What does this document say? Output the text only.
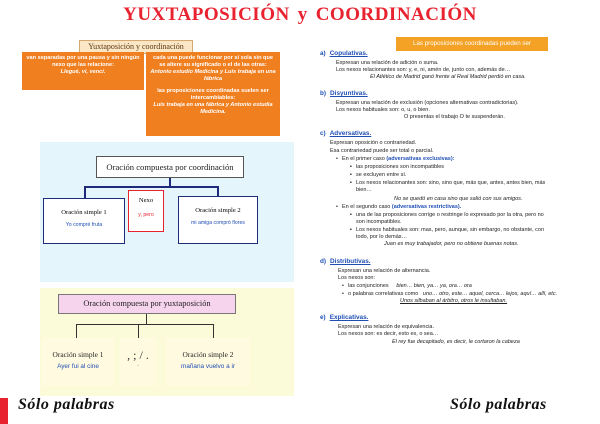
YUXTAPOSICIÓN y COORDINACIÓN
Yuxtaposición y coordinación
van separadas por una pausa y sin ningún nexo que las relacione:
Llegué, vi, vencí.
cada una puede funcionar por sí sola sin que se altere su significado o el de las otras:
Antonio estudio Medicina y Luis trabaja en una fábrica
las proposiciones coordinadas suelen ser intercambiables:
Luis trabaja en una fábrica y Antonio estudia Medicina.
Las proposiciones coordinadas pueden ser
a) Copulativas.
Expresan una relación de adición o suma.
Los nexos relacionantes son: y, e, ni, amén de, junto con, además de…
El Atlético de Madrid ganó frente al Real Madrid perdió en casa.
b) Disyuntivas.
Expresan una relación de exclusión (opciones alternativas contradictorias).
Los nexos habituales son: o, u, o bien.
O presentas el trabajo O te suspenderán.
c) Adversativas.
Expresan oposición o contrariedad.
Esa contrariedad puede ser total o parcial.
• En el primer caso (adversativas exclusivas):
▪ las proposiciones son incompatibles
▪ se excluyen entre sí.
▪ Los nexos relacionantes son: sino, sino que, más que, antes, antes bien, más
bien…
No se quedó en casa sino que salió con sus amigos.
• En el segundo caso (adversativas restrictivas).
▪ una de las proposiciones corrige o restringe lo expresado por la otra, pero no
son incompatibles.
▪ Los nexos habituales son: mas, pero, aunque, sin embargo, no obstante, con
todo, por lo demás…
Juan es muy trabajador, pero no obtiene buenas notas.
d) Distributivas.
Expresan una relación de alternancia.
Los nexos son:
• las conjunciones bien… bien, ya… ya, ora… ora
• o palabras correlativas como uno… otro, este… aquel, cerca… lejos, aquí… allí, etc.
Unos silbaban al árbitro, otros le insultaban.
e) Explicativas.
Expresan una relación de equivalencia.
Los nexos son: es decir, esto es, o sea…
El rey fue decapitado, es decir, le cortaron la cabeza
Oración compuesta por coordinación
Oración simple 1
Yo compré fruta
Nexo
y, pero
Oración simple 2
mi amiga comprò flores
Oración compuesta por yuxtaposición
Oración simple 1
Ayer fui al cine
, ; / .
·
Oración simple 2
mañana vuelvo a ir
Sólo palabras	Sólo palabras
